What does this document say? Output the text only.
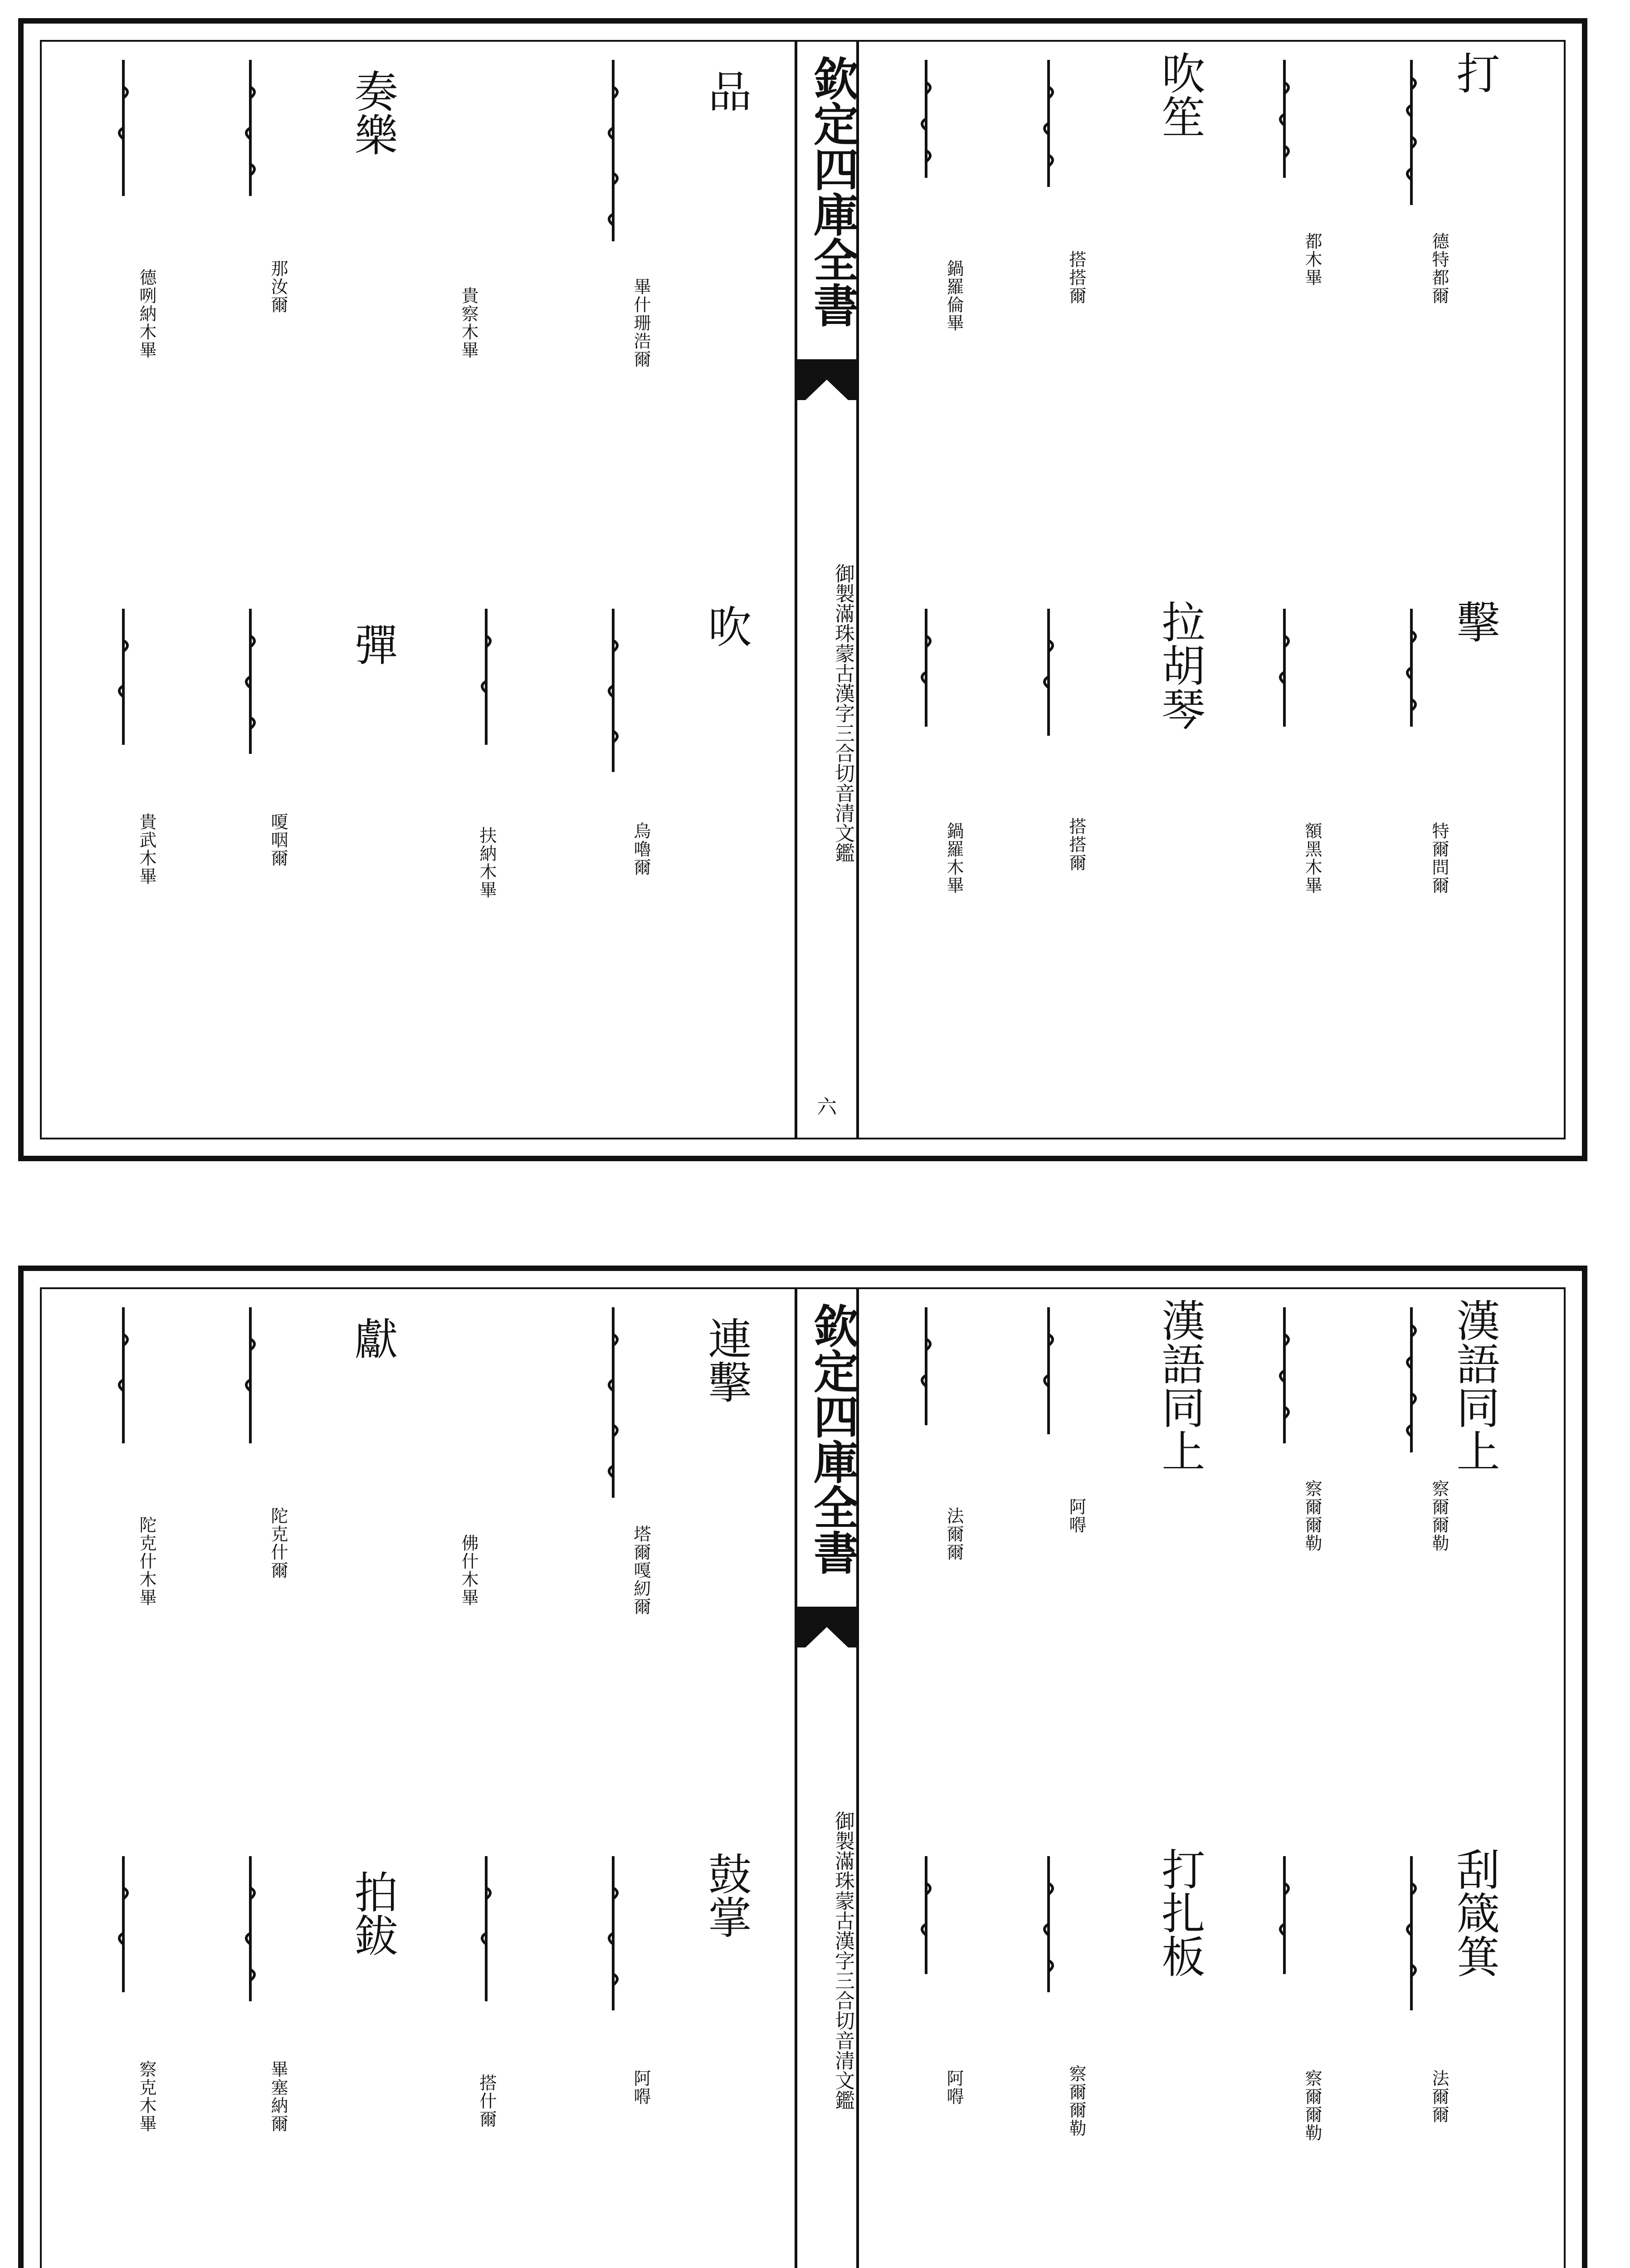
打
擊
吹笙
拉胡琴
品
吹
奏樂
彈
德特都爾
都木畢
搭搭爾
鍋羅倫畢
特爾問爾
額黑木畢
搭搭爾
鍋羅木畢
畢什珊浩爾
貴察木畢
那汝爾
德咧納木畢
烏嚕爾
扶納木畢
嗄咽爾
貴武木畢
欽定四庫全書
御製滿珠蒙古漢字三合切音清文鑑
六
漢語同上
刮箴箕
漢語同上
打扎板
連擊
鼓掌
獻
拍鈸
察爾爾勒
察爾爾勒
阿嘚
法爾爾
法爾爾
察爾爾勒
察爾爾勒
阿嘚
塔爾嘎紉爾
佛什木畢
陀克什爾
陀克什木畢
阿嘚
搭什爾
畢塞納爾
察克木畢
欽定四庫全書
御製滿珠蒙古漢字三合切音清文鑑
